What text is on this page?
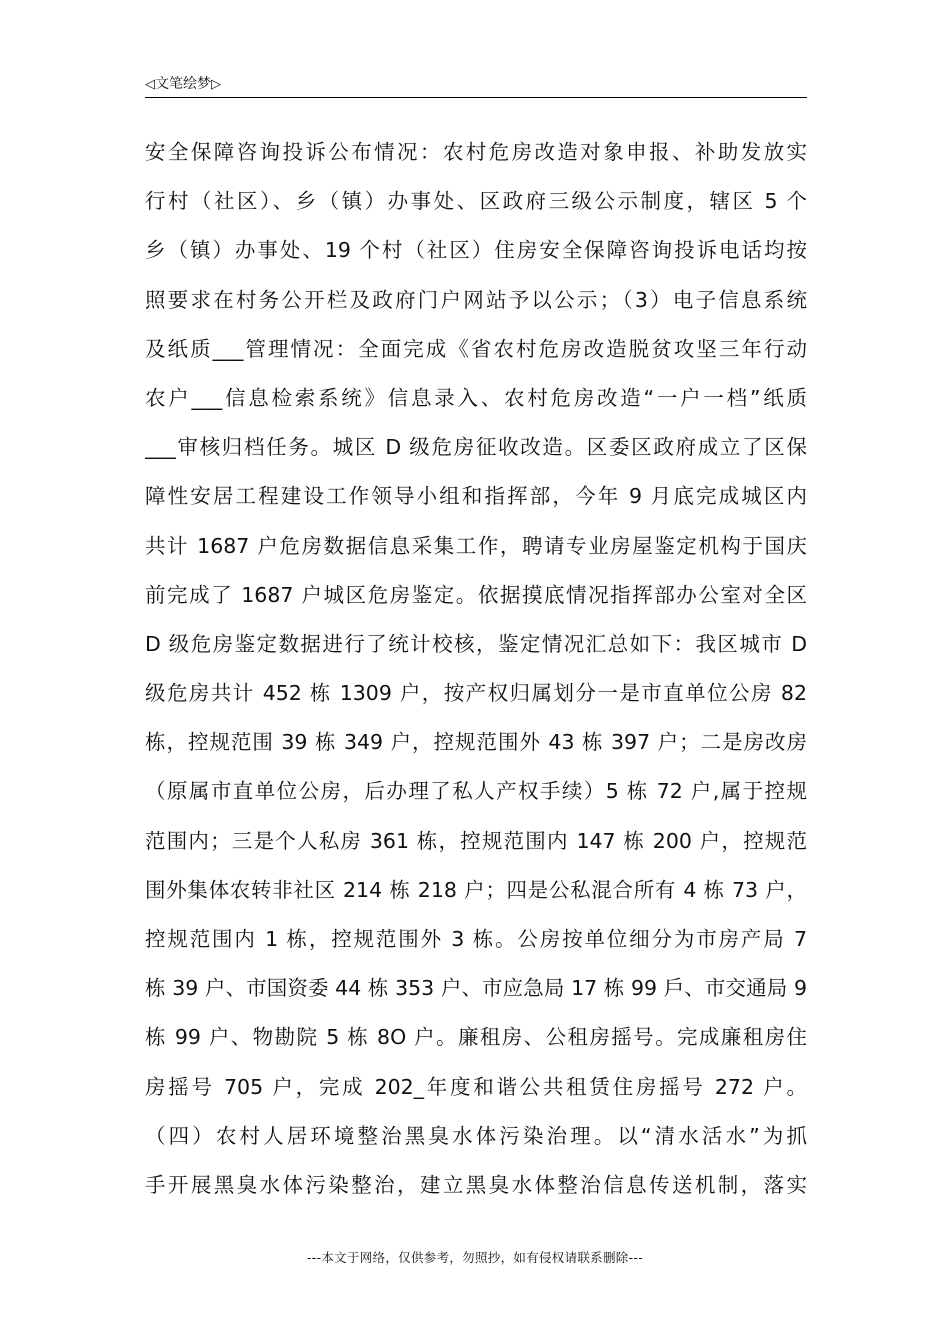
◁文笔绘梦▷
安全保障咨询投诉公布情况：农村危房改造对象申报、补助发放实
行村（社区）、乡（镇）办事处、区政府三级公示制度，辖区 5 个
乡（镇）办事处、19 个村（社区）住房安全保障咨询投诉电话均按
照要求在村务公开栏及政府门户网站予以公示；（3）电子信息系统
及纸质___管理情况：全面完成《省农村危房改造脱贫攻坚三年行动
农户___信息检索系统》信息录入、农村危房改造“一户一档”纸质
___审核归档任务。城区 D 级危房征收改造。区委区政府成立了区保
障性安居工程建设工作领导小组和指挥部，今年 9 月底完成城区内
共计 1687 户危房数据信息采集工作，聘请专业房屋鉴定机构于国庆
前完成了 1687 户城区危房鉴定。依据摸底情况指挥部办公室对全区
D 级危房鉴定数据进行了统计校核，鉴定情况汇总如下：我区城市 D
级危房共计 452 栋 1309 户，按产权归属划分一是市直单位公房 82
栋，控规范围 39 栋 349 户，控规范围外 43 栋 397 户；二是房改房
（原属市直单位公房，后办理了私人产权手续）5 栋 72 户,属于控规
范围内；三是个人私房 361 栋，控规范围内 147 栋 200 户，控规范
围外集体农转非社区 214 栋 218 户；四是公私混合所有 4 栋 73 户，
控规范围内 1 栋，控规范围外 3 栋。公房按单位细分为市房产局 7
栋 39 户、市国资委 44 栋 353 户、市应急局 17 栋 99 戶、市交通局 9
栋 99 户、物勘院 5 栋 8O 户。廉租房、公租房摇号。完成廉租房住
房摇号 705 户，完成 202_年度和谐公共租赁住房摇号 272 户。
（四）农村人居环境整治黑臭水体污染治理。以“清水活水”为抓
手开展黑臭水体污染整治，建立黑臭水体整治信息传送机制，落实
---本文于网络，仅供参考，勿照抄，如有侵权请联系删除---
